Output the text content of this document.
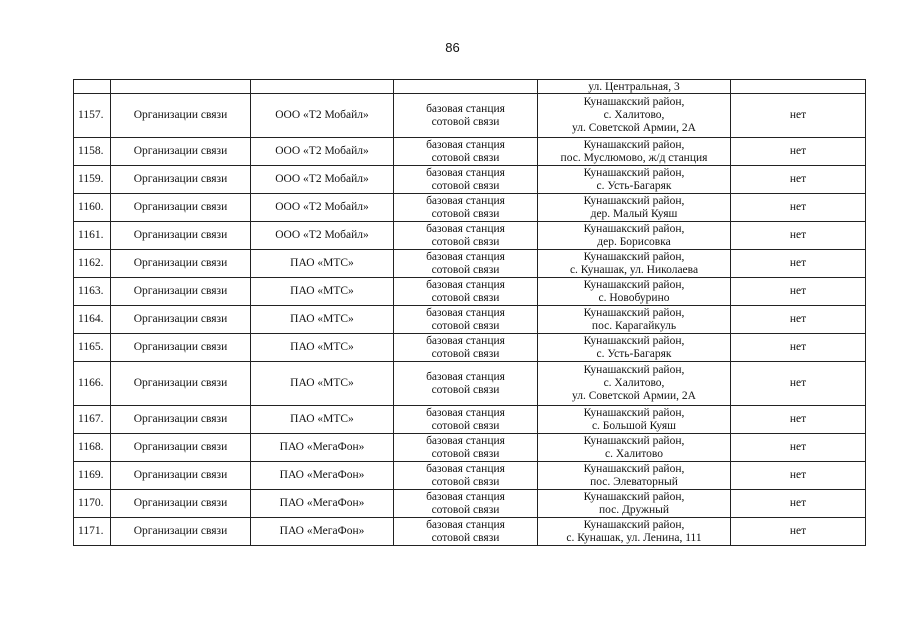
86
				ул. Центральная, 3	
1157.	Организации связи	ООО «Т2 Мобайл»	базовая станция
сотовой связи	Кунашакский район,
с. Халитово,
ул. Советской Армии, 2А	нет
1158.	Организации связи	ООО «Т2 Мобайл»	базовая станция
сотовой связи	Кунашакский район,
пос. Муслюмово, ж/д станция	нет
1159.	Организации связи	ООО «Т2 Мобайл»	базовая станция
сотовой связи	Кунашакский район,
с. Усть-Багаряк	нет
1160.	Организации связи	ООО «Т2 Мобайл»	базовая станция
сотовой связи	Кунашакский район,
дер. Малый Куяш	нет
1161.	Организации связи	ООО «Т2 Мобайл»	базовая станция
сотовой связи	Кунашакский район,
дер. Борисовка	нет
1162.	Организации связи	ПАО «МТС»	базовая станция
сотовой связи	Кунашакский район,
с. Кунашак, ул. Николаева	нет
1163.	Организации связи	ПАО «МТС»	базовая станция
сотовой связи	Кунашакский район,
с. Новобурино	нет
1164.	Организации связи	ПАО «МТС»	базовая станция
сотовой связи	Кунашакский район,
пос. Карагайкуль	нет
1165.	Организации связи	ПАО «МТС»	базовая станция
сотовой связи	Кунашакский район,
с. Усть-Багаряк	нет
1166.	Организации связи	ПАО «МТС»	базовая станция
сотовой связи	Кунашакский район,
с. Халитово,
ул. Советской Армии, 2А	нет
1167.	Организации связи	ПАО «МТС»	базовая станция
сотовой связи	Кунашакский район,
с. Большой Куяш	нет
1168.	Организации связи	ПАО «МегаФон»	базовая станция
сотовой связи	Кунашакский район,
с. Халитово	нет
1169.	Организации связи	ПАО «МегаФон»	базовая станция
сотовой связи	Кунашакский район,
пос. Элеваторный	нет
1170.	Организации связи	ПАО «МегаФон»	базовая станция
сотовой связи	Кунашакский район,
пос. Дружный	нет
1171.	Организации связи	ПАО «МегаФон»	базовая станция
сотовой связи	Кунашакский район,
с. Кунашак, ул. Ленина, 111	нет
